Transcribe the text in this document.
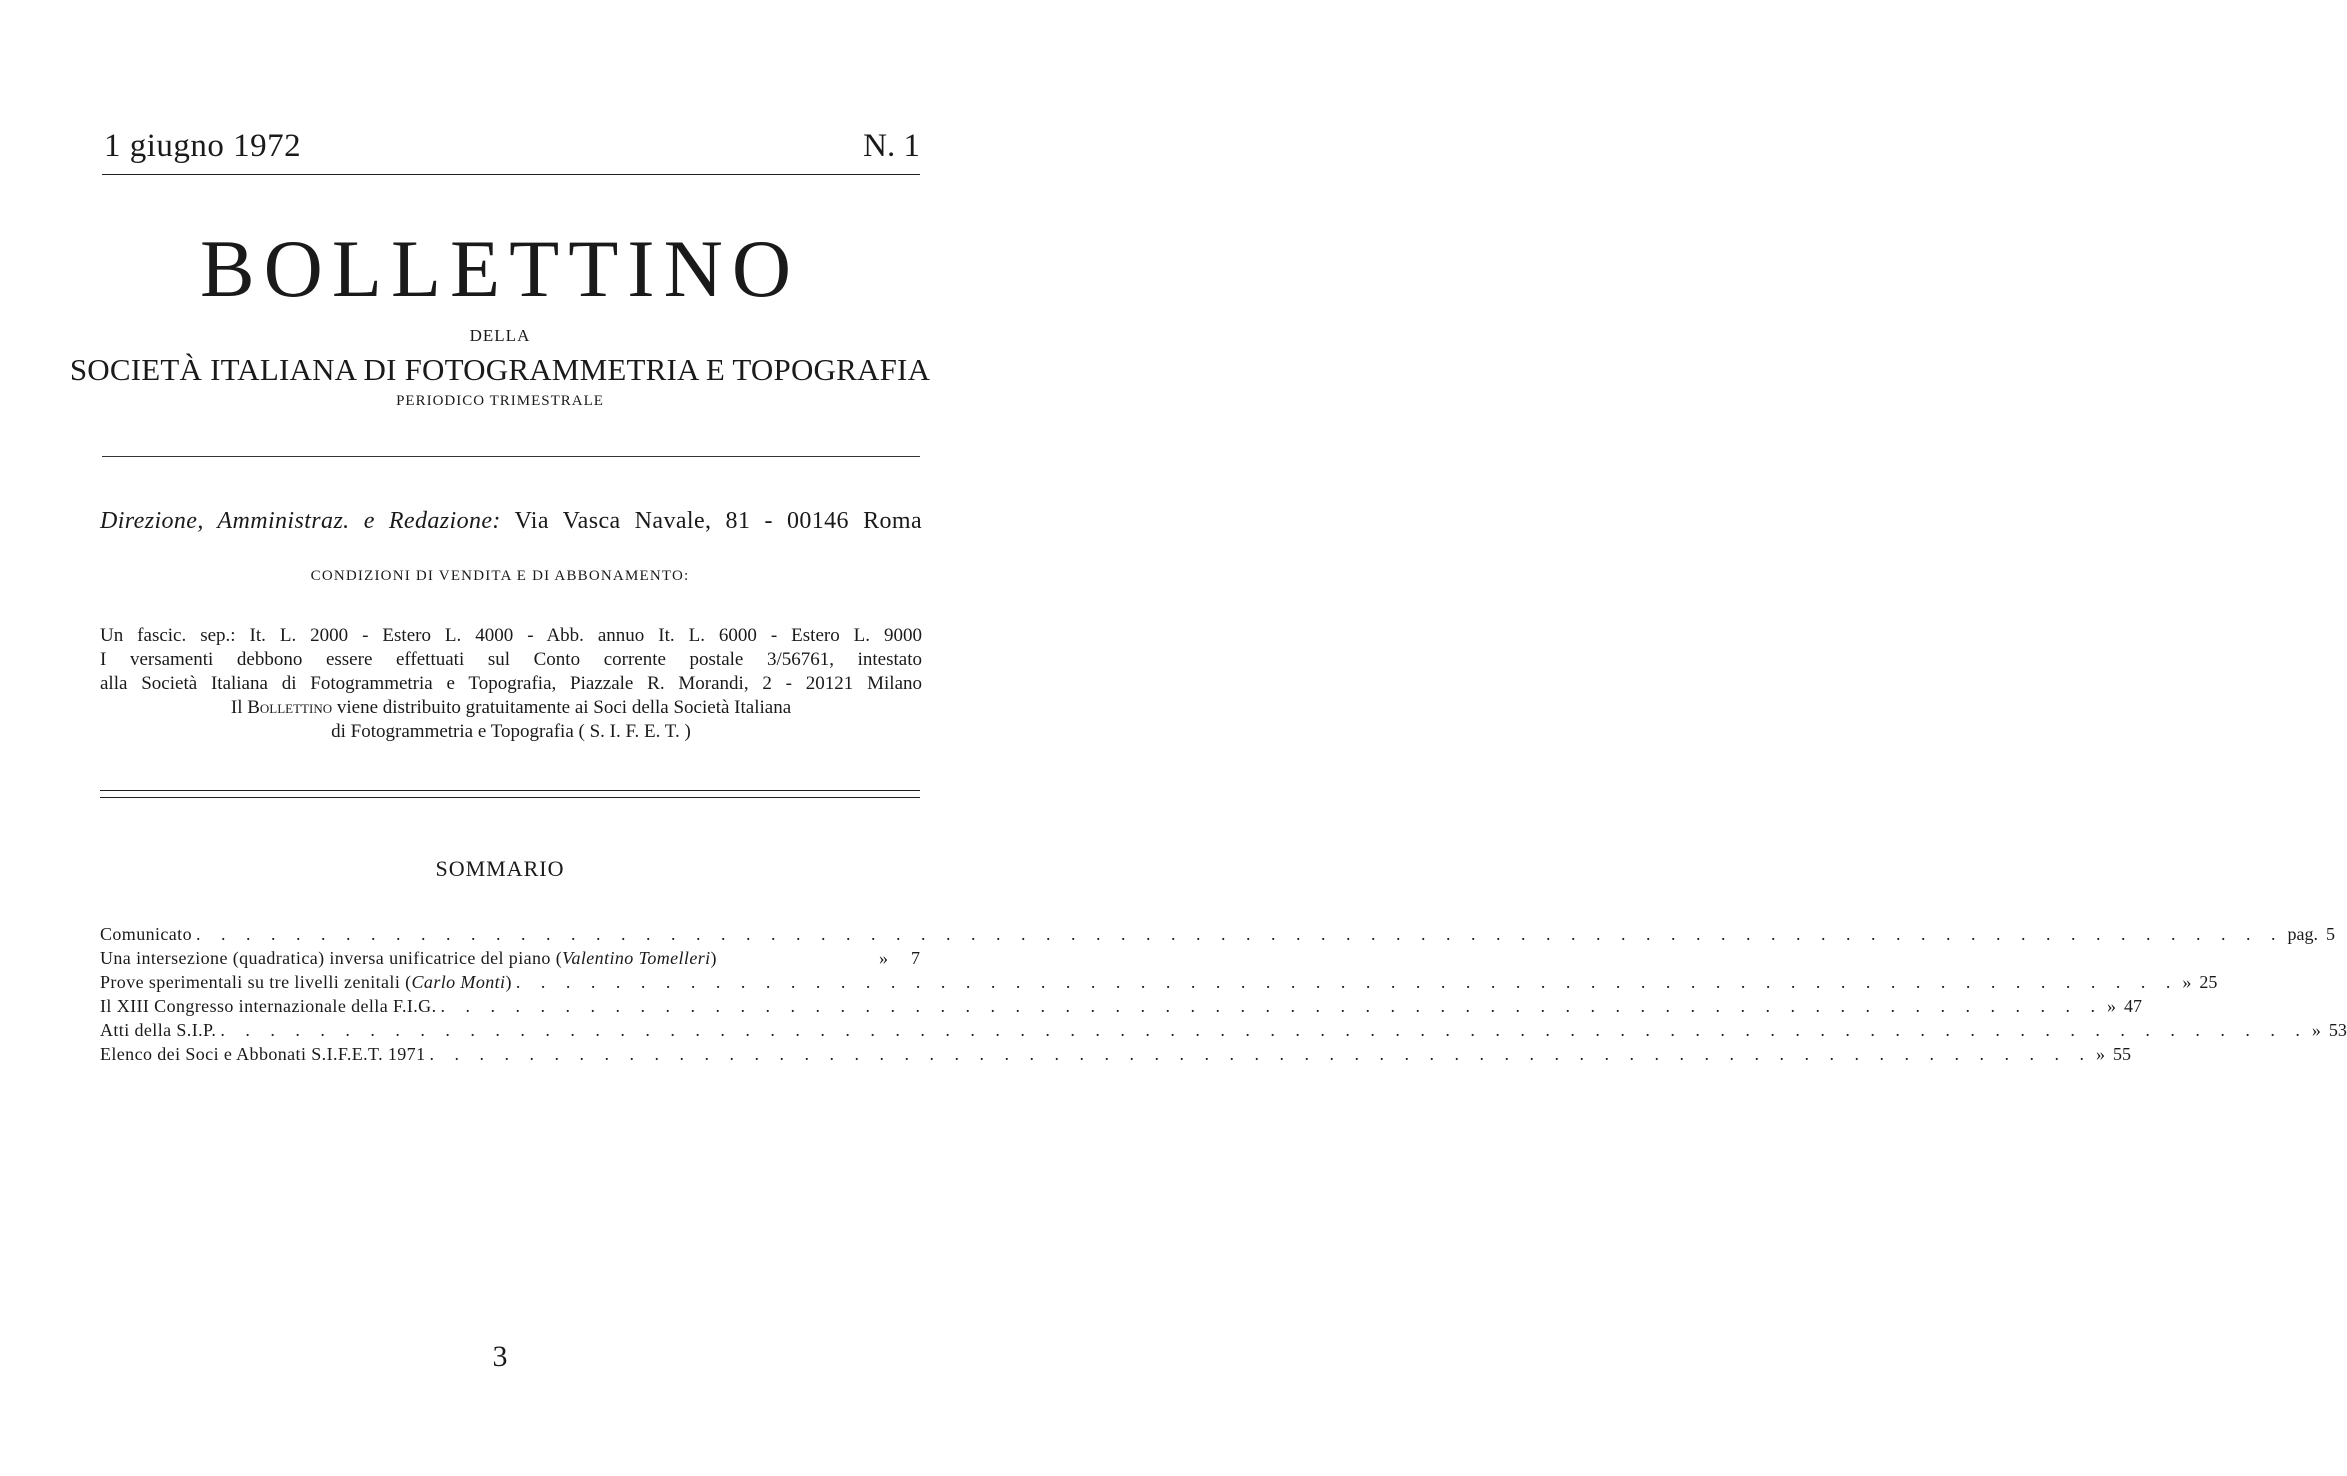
1 giugno 1972	N. 1
BOLLETTINO
DELLA
SOCIETÀ ITALIANA DI FOTOGRAMMETRIA E TOPOGRAFIA
PERIODICO TRIMESTRALE
Direzione, Amministraz. e Redazione: Via Vasca Navale, 81 - 00146 Roma
CONDIZIONI DI VENDITA E DI ABBONAMENTO:
Un fascic. sep.: It. L. 2000 - Estero L. 4000 - Abb. annuo It. L. 6000 - Estero L. 9000
I versamenti debbono essere effettuati sul Conto corrente postale 3/56761, intestato
alla Società Italiana di Fotogrammetria e Topografia, Piazzale R. Morandi, 2 - 20121 Milano
Il Bollettino viene distribuito gratuitamente ai Soci della Società Italiana
di Fotogrammetria e Topografia ( S. I. F. E. T. )
SOMMARIO
Comunicato . . . . . . . . . . . . . . . . . . . . . . . . . . . . . . . . . . . . . . . . . . . . . . . . . . . . . . . . . . . . . . . . . . . . . . . . . . . . . . . . . . . . pag. 5
Una intersezione (quadratica) inversa unificatrice del piano (Valentino Tomelleri)	»	7
Prove sperimentali su tre livelli zenitali (Carlo Monti) . . . . . . . . . . . . . . . . . . . . . . . . . . . . . . . . . . . . . . . . . . . . . . . . . . . . . . . . . . . . . . . . . . . » 25
Il XIII Congresso internazionale della F.I.G. . . . . . . . . . . . . . . . . . . . . . . . . . . . . . . . . . . . . . . . . . . . . . . . . . . . . . . . . . . . . . . . . . . . » 47
Atti della S.I.P. . . . . . . . . . . . . . . . . . . . . . . . . . . . . . . . . . . . . . . . . . . . . . . . . . . . . . . . . . . . . . . . . . . . . . . . . . . . . . . . . . . . . » 53
Elenco dei Soci e Abbonati S.I.F.E.T. 1971 . . . . . . . . . . . . . . . . . . . . . . . . . . . . . . . . . . . . . . . . . . . . . . . . . . . . . . . . . . . . . . . . . . . » 55
3
